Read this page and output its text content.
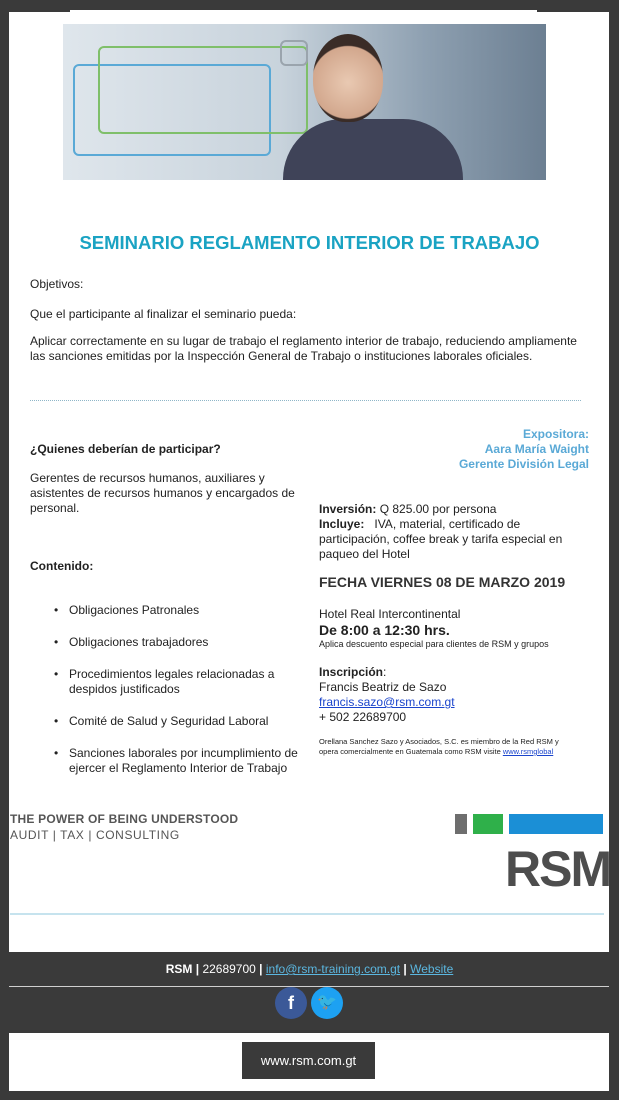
SEMINARIO REGLAMENTO INTERIOR DE TRABAJO
Objetivos:
Que el participante al finalizar el seminario pueda:
Aplicar correctamente en su lugar de trabajo el reglamento interior de trabajo, reduciendo ampliamente
las sanciones emitidas por la Inspección General de Trabajo o instituciones laborales oficiales.
Expositora:
Aara María Waight
Gerente División Legal
¿Quienes deberían de participar?
Gerentes de recursos humanos, auxiliares y
asistentes de recursos humanos y encargados de
personal.	Inversión: Q 825.00 por persona
Incluye:   IVA, material, certificado de
participación, coffee break y tarifa especial en
paqueo del Hotel
Contenido:
FECHA VIERNES 08 DE MARZO 2019
• Obligaciones Patronales
• Obligaciones trabajadores
• Procedimientos legales relacionadas a despidos justificados
• Comité de Salud y Seguridad Laboral
• Sanciones laborales por incumplimiento de ejercer el Reglamento Interior de Trabajo
Hotel Real Intercontinental
De 8:00 a 12:30 hrs.
Aplica descuento especial para clientes de RSM y grupos
Inscripción:
Francis Beatriz de Sazo
francis.sazo@rsm.com.gt
+ 502 22689700
Orellana Sanchez Sazo y Asociados, S.C. es miembro de la Red RSM y
opera comercialmente en Guatemala como RSM visite www.rsmglobal
THE POWER OF BEING UNDERSTOOD
AUDIT | TAX | CONSULTING
RSM
RSM | 22689700 | info@rsm-training.com.gt | Website
f	🐦
www.rsm.com.gt
